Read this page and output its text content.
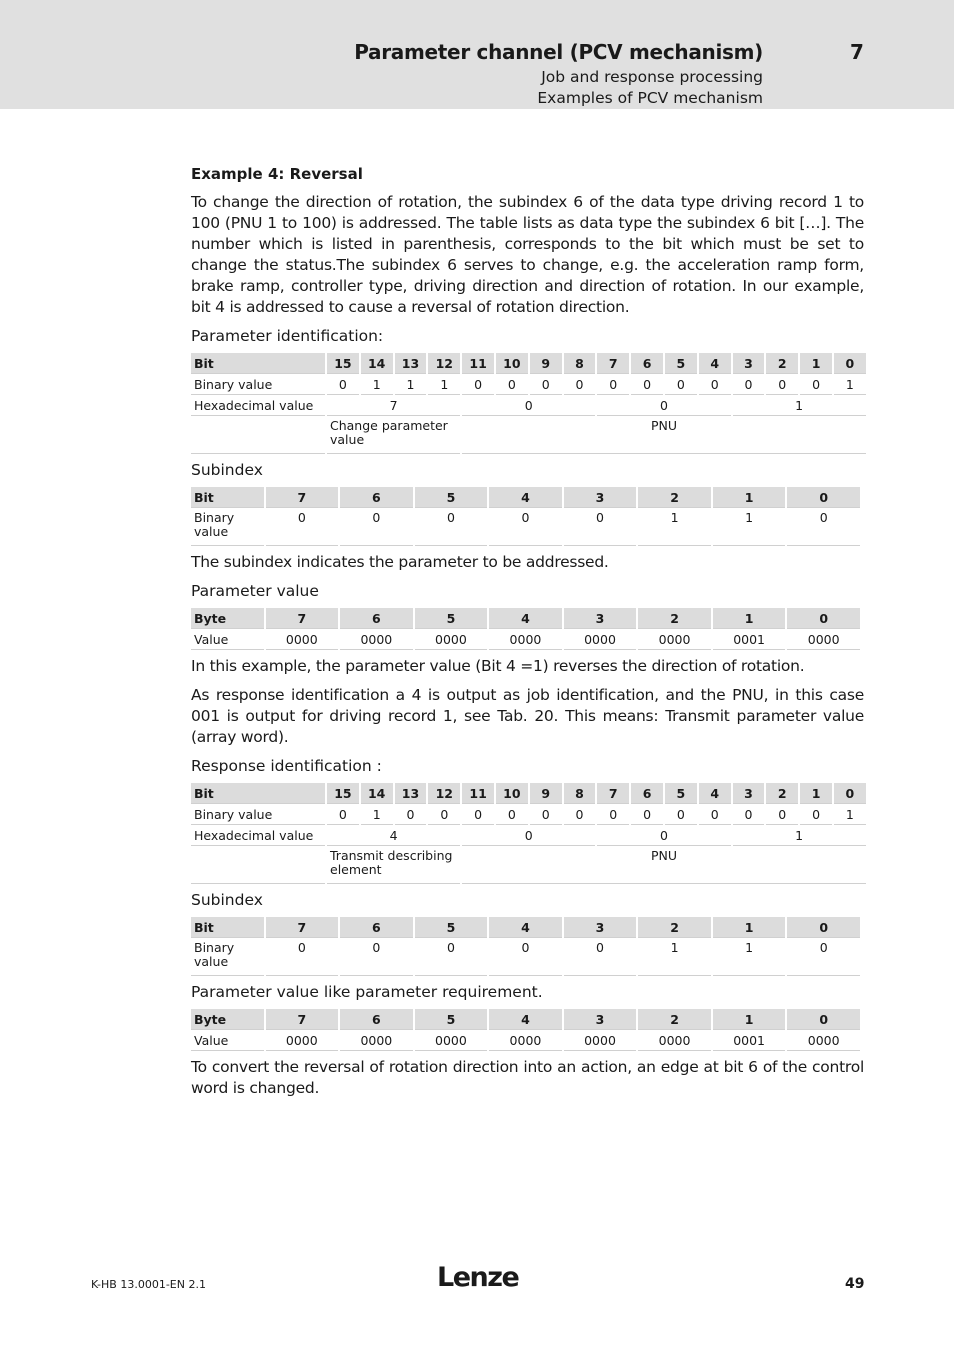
Parameter channel (PCV mechanism)	7
Job and response processing
Examples of PCV mechanism
Example 4: Reversal

To change the direction of rotation, the subindex 6 of the data type driving record 1 to 100 (PNU 1 to 100) is addressed. The table lists as data type the subindex 6 bit […]. The number which is listed in parenthesis, corresponds to the bit which must be set to change the status.The subindex 6 serves to change, e.g. the acceleration ramp form, brake ramp, controller type, driving direction and direction of rotation. In our example, bit 4 is addressed to cause a reversal of rotation direction.

Parameter identification:
Bit	15	14	13	12	11	10	9	8	7	6	5	4	3	2	1	0
Binary value	0	1	1	1	0	0	0	0	0	0	0	0	0	0	0	1
Hexadecimal value	7				0				0				1			
	Change parameter value				PNU											
Subindex
Bit	7	6	5	4	3	2	1	0
Binary value	0	0	0	0	0	1	1	0

The subindex indicates the parameter to be addressed.

Parameter value
Byte	7	6	5	4	3	2	1	0
Value	0000	0000	0000	0000	0000	0000	0001	0000

In this example, the parameter value (Bit 4 =1) reverses the direction of rotation.

As response identification a 4 is output as job identification, and the PNU, in this case 001 is output for driving record 1, see Tab. 20. This means: Transmit parameter value (array word).

Response identification :
Bit	15	14	13	12	11	10	9	8	7	6	5	4	3	2	1	0
Binary value	0	1	0	0	0	0	0	0	0	0	0	0	0	0	0	1
Hexadecimal value	4				0				0				1			
	Transmit describing element				PNU											
Subindex
Bit	7	6	5	4	3	2	1	0
Binary value	0	0	0	0	0	1	1	0
Parameter value like parameter requirement.
Byte	7	6	5	4	3	2	1	0
Value	0000	0000	0000	0000	0000	0000	0001	0000

To convert the reversal of rotation direction into an action, an edge at bit 6 of the control word is changed.

K-HB 13.0001-EN 2.1	Lenze	49
